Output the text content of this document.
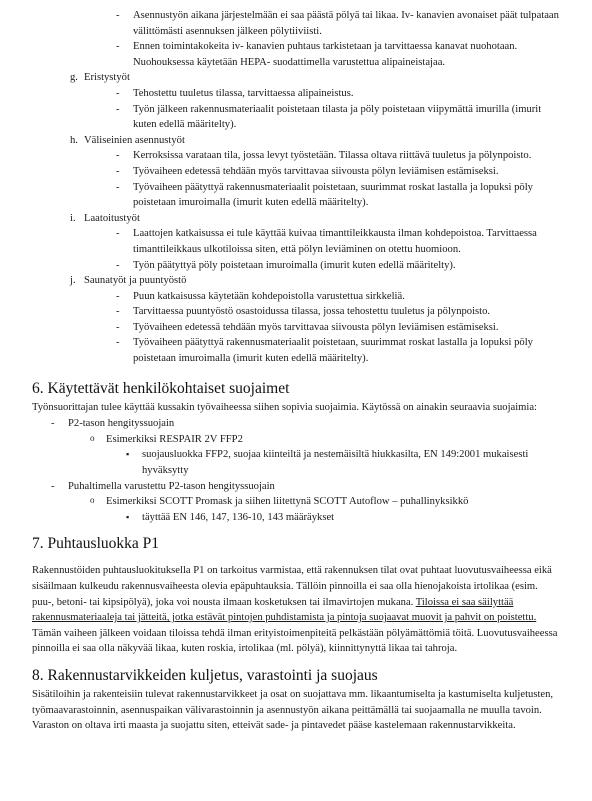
- Asennustyön aikana järjestelmään ei saa päästä pölyä tai likaa. Iv- kanavien avonaiset päät tulpataan välittömästi asennuksen jälkeen pölytiiviisti.
- Ennen toimintakokeita iv- kanavien puhtaus tarkistetaan ja tarvittaessa kanavat nuohotaan. Nuohouksessa käytetään HEPA- suodattimella varustettua alipaineistajaa.
g. Eristystyöt
- Tehostettu tuuletus tilassa, tarvittaessa alipaineistus.
- Työn jälkeen rakennusmateriaalit poistetaan tilasta ja pöly poistetaan viipymättä imurilla (imurit kuten edellä määritelty).
h. Väliseinien asennustyöt
- Kerroksissa varataan tila, jossa levyt työstetään. Tilassa oltava riittävä tuuletus ja pölynpoisto.
- Työvaiheen edetessä tehdään myös tarvittavaa siivousta pölyn leviämisen estämiseksi.
- Työvaiheen päätyttyä rakennusmateriaalit poistetaan, suurimmat roskat lastalla ja lopuksi pöly poistetaan imuroimalla (imurit kuten edellä määritelty).
i. Laatoitustyöt
- Laattojen katkaisussa ei tule käyttää kuivaa timanttileikkausta ilman kohdepoistoa. Tarvittaessa timanttileikkaus ulkotiloissa siten, että pölyn leviäminen on otettu huomioon.
- Työn päätyttyä pöly poistetaan imuroimalla (imurit kuten edellä määritelty).
j. Saunatyöt ja puuntyöstö
- Puun katkaisussa käytetään kohdepoistolla varustettua sirkkeliä.
- Tarvittaessa puuntyöstö osastoidussa tilassa, jossa tehostettu tuuletus ja pölynpoisto.
- Työvaiheen edetessä tehdään myös tarvittavaa siivousta pölyn leviämisen estämiseksi.
- Työvaiheen päätyttyä rakennusmateriaalit poistetaan, suurimmat roskat lastalla ja lopuksi pöly poistetaan imuroimalla (imurit kuten edellä määritelty).
6. Käytettävät henkilökohtaiset suojaimet

Työnsuorittajan tulee käyttää kussakin työvaiheessa siihen sopivia suojaimia. Käytössä on ainakin seuraavia suojaimia:

- P2-tason hengityssuojain
o Esimerkiksi RESPAIR 2V FFP2
▪ suojausluokka FFP2, suojaa kiinteiltä ja nestemäisiltä hiukkasilta, EN 149:2001 mukaisesti hyväksytty
- Puhaltimella varustettu P2-tason hengityssuojain
o Esimerkiksi SCOTT Promask ja siihen liitettynä SCOTT Autoflow – puhallinyksikkö
▪ täyttää EN 146, 147, 136-10, 143 määräykset
7. Puhtausluokka P1

Rakennustöiden puhtausluokituksella P1 on tarkoitus varmistaa, että rakennuksen tilat ovat puhtaat luovutusvaiheessa eikä sisäilmaan kulkeudu rakennusvaiheesta olevia epäpuhtauksia. Tällöin pinnoilla ei saa olla hienojakoista irtolikaa (esim. puu-, betoni- tai kipsipölyä), joka voi nousta ilmaan kosketuksen tai ilmavirtojen mukana. Tiloissa ei saa säilyttää rakennusmateriaaleja tai jätteitä, jotka estävät pintojen puhdistamista ja pintoja suojaavat muovit ja pahvit on poistettu. Tämän vaiheen jälkeen voidaan tiloissa tehdä ilman erityistoimenpiteitä pelkästään pölyämättömiä töitä. Luovutusvaiheessa pinnoilla ei saa olla näkyvää likaa, kuten roskia, irtolikaa (ml. pölyä), kiinnittynyttä likaa tai tahroja.

8. Rakennustarvikkeiden kuljetus, varastointi ja suojaus

Sisätiloihin ja rakenteisiin tulevat rakennustarvikkeet ja osat on suojattava mm. likaantumiselta ja kastumiselta kuljetusten, työmaavarastoinnin, asennuspaikan välivarastoinnin ja asennustyön aikana peittämällä tai suojaamalla ne muulla tavoin. Varaston on oltava irti maasta ja suojattu siten, etteivät sade- ja pintavedet pääse kastelemaan rakennustarvikkeita.
